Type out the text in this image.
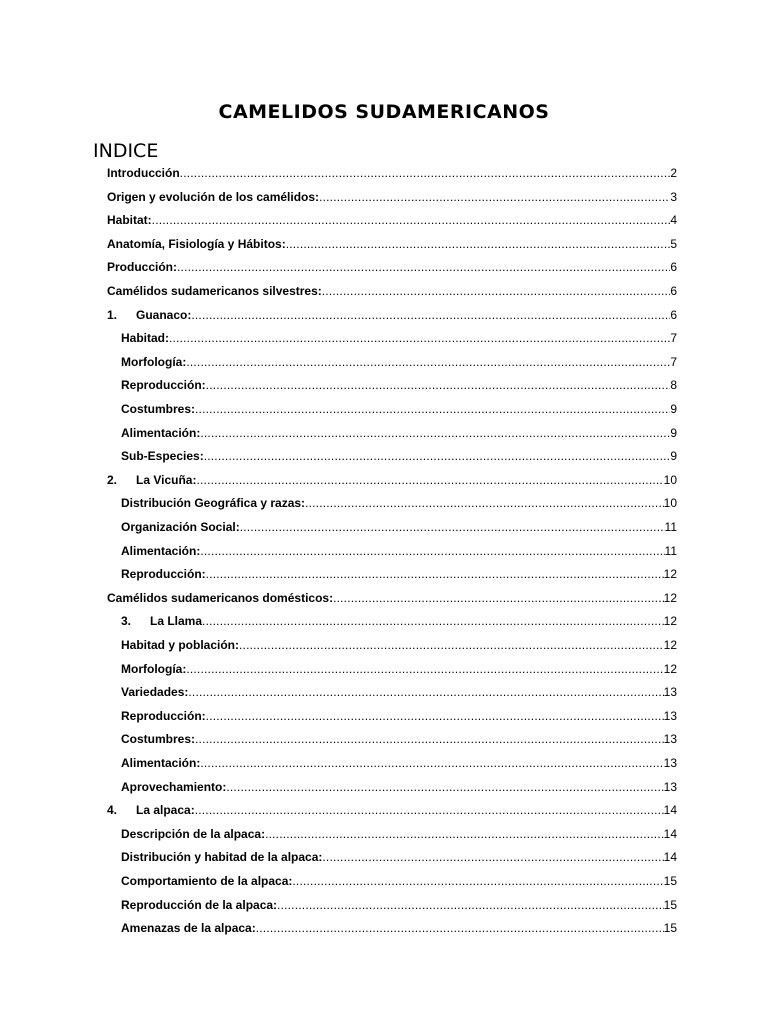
CAMELIDOS SUDAMERICANOS
INDICE
Introducción .....	2
Origen y evolución de los camélidos: .....	3
Habitat: .....	4
Anatomía, Fisiología y Hábitos: .....	5
Producción: .....	6
Camélidos sudamericanos silvestres: .....	6
1.	Guanaco: .....	6
Habitad: .....	7
Morfología: .....	7
Reproducción: .....	8
Costumbres: .....	9
Alimentación: .....	9
Sub-Especies: .....	9
2.	La Vicuña: .....	10
Distribución Geográfica y razas: .....	10
Organización Social: .....	11
Alimentación: .....	11
Reproducción: .....	12
Camélidos sudamericanos domésticos: .....	12
3.	La Llama .....	12
Habitad y población: .....	12
Morfología: .....	12
Variedades: .....	13
Reproducción: .....	13
Costumbres: .....	13
Alimentación: .....	13
Aprovechamiento: .....	13
4.	La alpaca: .....	14
Descripción de la alpaca: .....	14
Distribución y habitad de la alpaca: .....	14
Comportamiento de la alpaca: .....	15
Reproducción de la alpaca: .....	15
Amenazas de la alpaca: .....	15
